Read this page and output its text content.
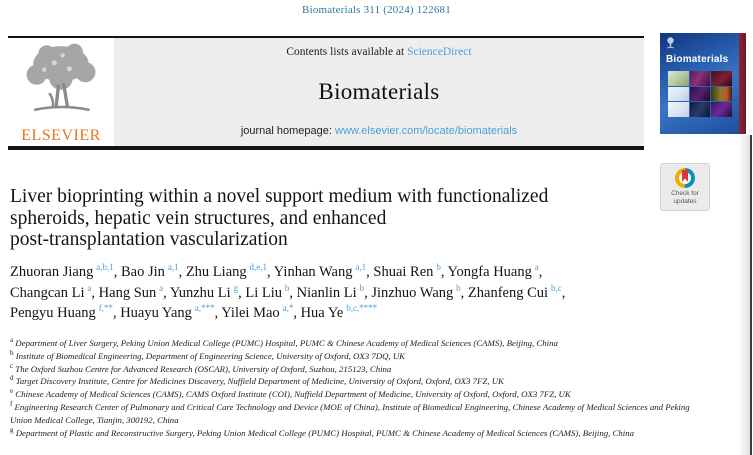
Biomaterials 311 (2024) 122681
ELSEVIER
Contents lists available at ScienceDirect
Biomaterials
journal homepage: www.elsevier.com/locate/biomaterials
Biomaterials
Check for
updates
Liver bioprinting within a novel support medium with functionalized
spheroids, hepatic vein structures, and enhanced
post-transplantation vascularization
Zhuoran Jiang $^{a,b,1}$, Bao Jin $^{a,1}$, Zhu Liang $^{d,e,1}$, Yinhan Wang $^{a,1}$, Shuai Ren $^b$, Yongfa Huang $^a$,
Changcan Li $^a$, Hang Sun $^a$, Yunzhu Li $^g$, Li Liu $^b$, Nianlin Li $^b$, Jinzhuo Wang $^b$, Zhanfeng Cui $^{b,c}$,
Pengyu Huang $^{f,**}$, Huayu Yang $^{a,***}$, Yilei Mao $^{a,*}$, Hua Ye $^{b,c,****}$
$^a$ Department of Liver Surgery, Peking Union Medical College (PUMC) Hospital, PUMC & Chinese Academy of Medical Sciences (CAMS), Beijing, China
$^b$ Institute of Biomedical Engineering, Department of Engineering Science, University of Oxford, OX3 7DQ, UK
$^c$ The Oxford Suzhou Centre for Advanced Research (OSCAR), University of Oxford, Suzhou, 215123, China
$^d$ Target Discovery Institute, Centre for Medicines Discovery, Nuffield Department of Medicine, University of Oxford, Oxford, OX3 7FZ, UK
$^e$ Chinese Academy of Medical Sciences (CAMS), CAMS Oxford Institute (COI), Nuffield Department of Medicine, University of Oxford, Oxford, OX3 7FZ, UK
$^f$ Engineering Research Center of Pulmonary and Critical Care Technology and Device (MOE of China), Institute of Biomedical Engineering, Chinese Academy of Medical Sciences and Peking Union Medical College, Tianjin, 300192, China
$^g$ Department of Plastic and Reconstructive Surgery, Peking Union Medical College (PUMC) Hospital, PUMC & Chinese Academy of Medical Sciences (CAMS), Beijing, China
